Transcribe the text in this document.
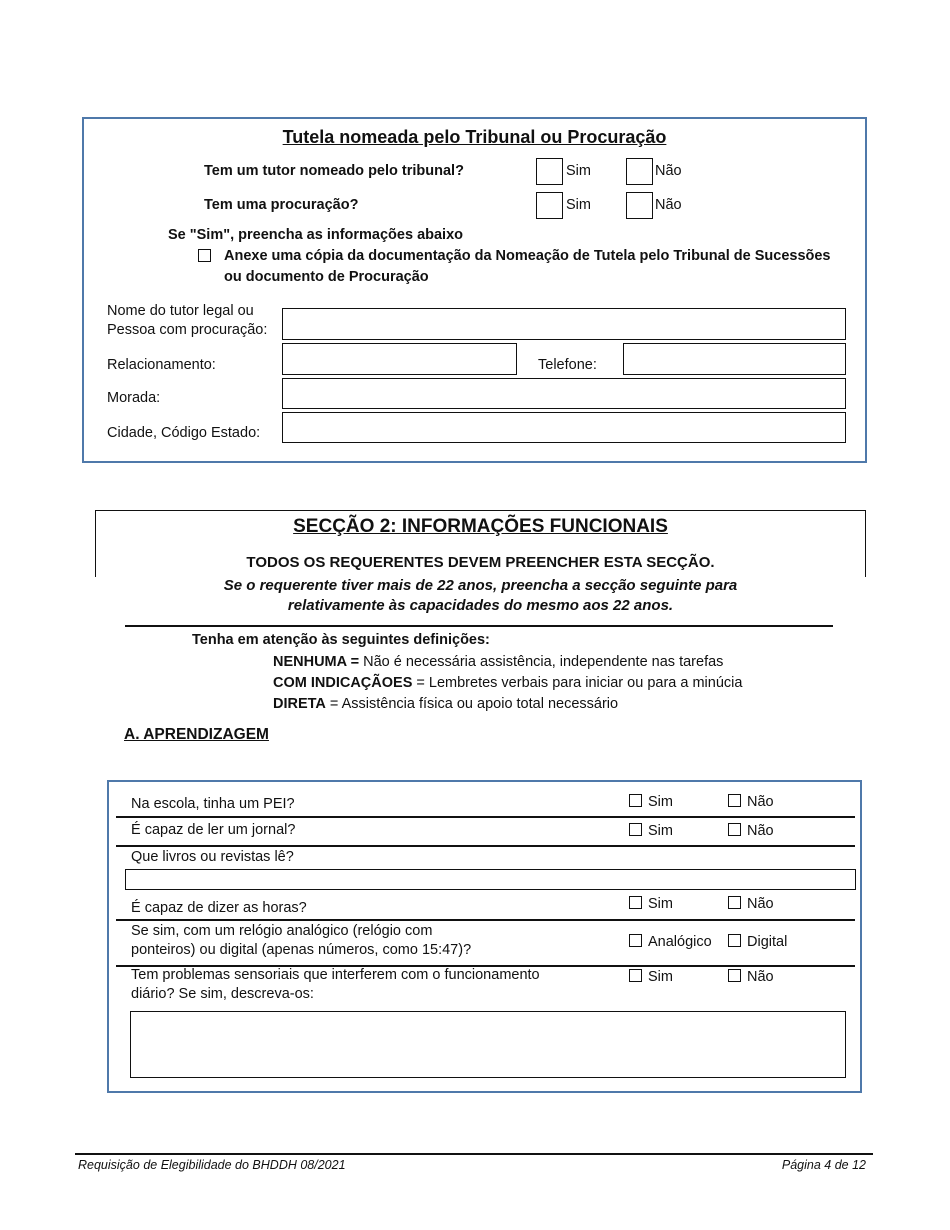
Tutela nomeada pelo Tribunal ou Procuração
Tem um tutor nomeado pelo tribunal?	Sim	Não
Tem uma procuração?	Sim	Não
Se "Sim", preencha as informações abaixo
Anexe uma cópia da documentação da Nomeação de Tutela pelo Tribunal de Sucessões
ou documento de Procuração
Nome do tutor legal ou
Pessoa com procuração:
Relacionamento:	Telefone:
Morada:
Cidade, Código Estado:
SECÇÃO 2: INFORMAÇÕES FUNCIONAIS
TODOS OS REQUERENTES DEVEM PREENCHER ESTA SECÇÃO.
Se o requerente tiver mais de 22 anos, preencha a secção seguinte para
relativamente às capacidades do mesmo aos 22 anos.
Tenha em atenção às seguintes definições:
NENHUMA = Não é necessária assistência, independente nas tarefas
COM INDICAÇÃOES = Lembretes verbais para iniciar ou para a minúcia
DIRETA = Assistência física ou apoio total necessário
A. APRENDIZAGEM
Na escola, tinha um PEI?	Sim	Não
É capaz de ler um jornal?	Sim	Não
Que livros ou revistas lê?
É capaz de dizer as horas?	Sim	Não
Se sim, com um relógio analógico (relógio com
ponteiros) ou digital (apenas números, como 15:47)?	Analógico	Digital
Tem problemas sensoriais que interferem com o funcionamento
diário? Se sim, descreva-os:
Sim	Não
Requisição de Elegibilidade do BHDDH 08/2021	Página 4 de 12
